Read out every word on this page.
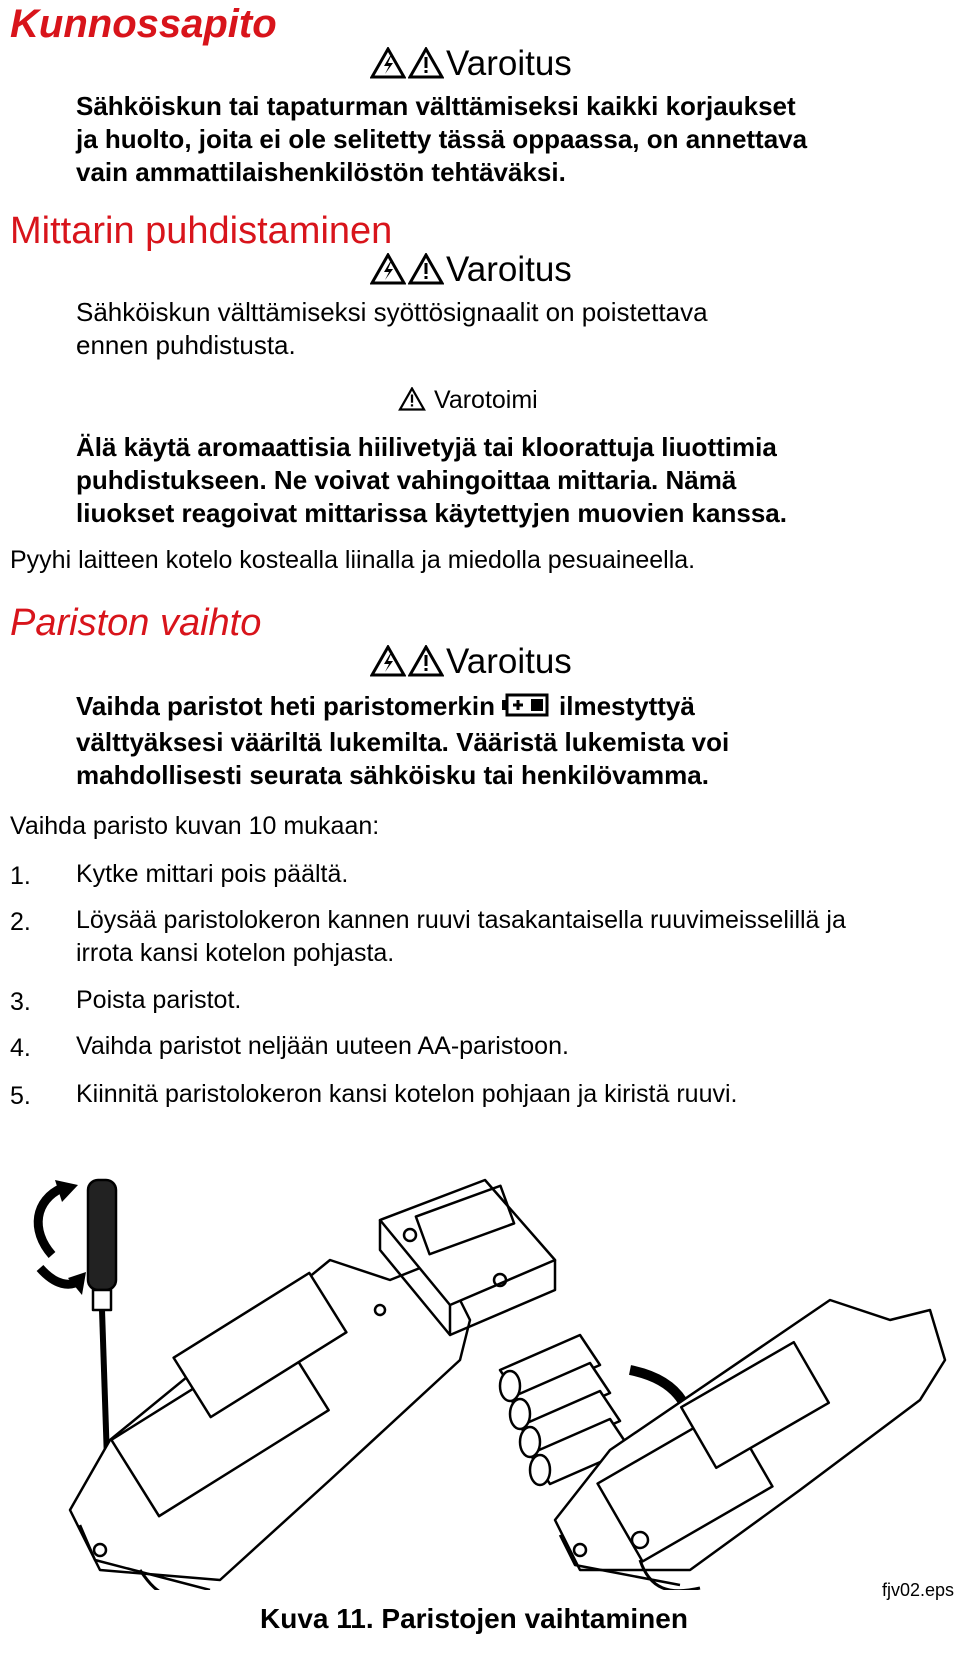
Kunnossapito
Varoitus
Sähköiskun tai tapaturman välttämiseksi kaikki korjaukset
ja huolto, joita ei ole selitetty tässä oppaassa, on annettava
vain ammattilaishenkilöstön tehtäväksi.
Mittarin puhdistaminen
Varoitus
Sähköiskun välttämiseksi syöttösignaalit on poistettava
ennen puhdistusta.
Varotoimi
Älä käytä aromaattisia hiilivetyjä tai kloorattuja liuottimia
puhdistukseen. Ne voivat vahingoittaa mittaria. Nämä
liuokset reagoivat mittarissa käytettyjen muovien kanssa.
Pyyhi laitteen kotelo kostealla liinalla ja miedolla pesuaineella.
Pariston vaihto
Varoitus
Vaihda paristot heti paristomerkin ilmestyttyä
välttyäksesi vääriltä lukemilta. Vääristä lukemista voi
mahdollisesti seurata sähköisku tai henkilövamma.
Vaihda paristo kuvan 10 mukaan:
1. Kytke mittari pois päältä.
2. Löysää paristolokeron kannen ruuvi tasakantaisella ruuvimeisselillä ja
irrota kansi kotelon pohjasta.
3. Poista paristot.
4. Vaihda paristot neljään uuteen AA-paristoon.
5. Kiinnitä paristolokeron kansi kotelon pohjaan ja kiristä ruuvi.
Kuva 11. Paristojen vaihtaminen
fjv02.eps
